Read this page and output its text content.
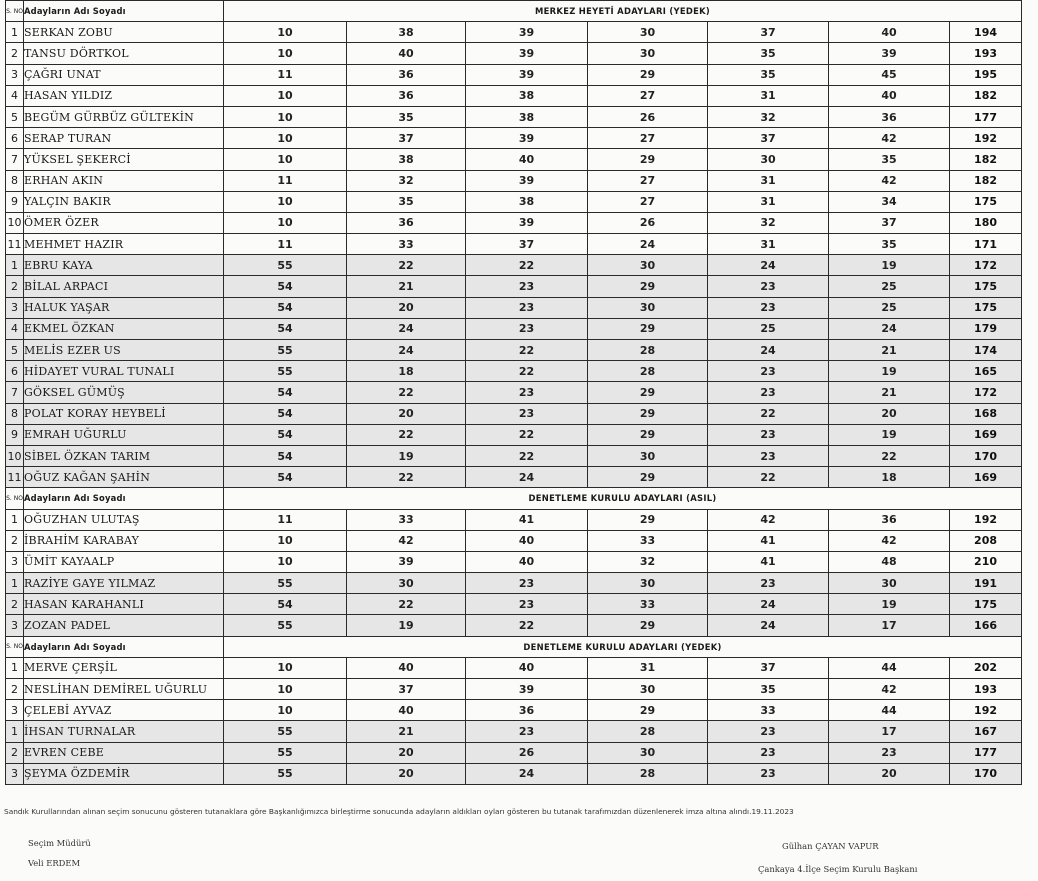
S. NO	Adayların Adı Soyadı	MERKEZ HEYETİ ADAYLARI (YEDEK)						
1	SERKAN ZOBU	10	38	39	30	37	40	194
2	TANSU DÖRTKOL	10	40	39	30	35	39	193
3	ÇAĞRI UNAT	11	36	39	29	35	45	195
4	HASAN YILDIZ	10	36	38	27	31	40	182
5	BEGÜM GÜRBÜZ GÜLTEKİN	10	35	38	26	32	36	177
6	SERAP TURAN	10	37	39	27	37	42	192
7	YÜKSEL ŞEKERCİ	10	38	40	29	30	35	182
8	ERHAN AKIN	11	32	39	27	31	42	182
9	YALÇIN BAKIR	10	35	38	27	31	34	175
10	ÖMER ÖZER	10	36	39	26	32	37	180
11	MEHMET HAZIR	11	33	37	24	31	35	171
1	EBRU KAYA	55	22	22	30	24	19	172
2	BİLAL ARPACI	54	21	23	29	23	25	175
3	HALUK YAŞAR	54	20	23	30	23	25	175
4	EKMEL ÖZKAN	54	24	23	29	25	24	179
5	MELİS EZER US	55	24	22	28	24	21	174
6	HİDAYET VURAL TUNALI	55	18	22	28	23	19	165
7	GÖKSEL GÜMÜŞ	54	22	23	29	23	21	172
8	POLAT KORAY HEYBELİ	54	20	23	29	22	20	168
9	EMRAH UĞURLU	54	22	22	29	23	19	169
10	SİBEL ÖZKAN TARIM	54	19	22	30	23	22	170
11	OĞUZ KAĞAN ŞAHİN	54	22	24	29	22	18	169
S. NO	Adayların Adı Soyadı	DENETLEME KURULU ADAYLARI (ASIL)						
1	OĞUZHAN ULUTAŞ	11	33	41	29	42	36	192
2	İBRAHİM KARABAY	10	42	40	33	41	42	208
3	ÜMİT KAYAALP	10	39	40	32	41	48	210
1	RAZİYE GAYE YILMAZ	55	30	23	30	23	30	191
2	HASAN KARAHANLI	54	22	23	33	24	19	175
3	ZOZAN PADEL	55	19	22	29	24	17	166
S. NO	Adayların Adı Soyadı	DENETLEME KURULU ADAYLARI (YEDEK)						
1	MERVE ÇERŞİL	10	40	40	31	37	44	202
2	NESLİHAN DEMİREL UĞURLU	10	37	39	30	35	42	193
3	ÇELEBİ AYVAZ	10	40	36	29	33	44	192
1	İHSAN TURNALAR	55	21	23	28	23	17	167
2	EVREN CEBE	55	20	26	30	23	23	177
3	ŞEYMA ÖZDEMİR	55	20	24	28	23	20	170
Sandık Kurullarından alınan seçim sonucunu gösteren tutanaklara göre Başkanlığımızca birleştirme sonucunda adayların aldıkları oyları gösteren bu tutanak tarafımızdan düzenlenerek imza altına alındı.19.11.2023
Seçim Müdürü
Veli ERDEM
Gülhan ÇAYAN VAPUR
Çankaya 4.İlçe Seçim Kurulu Başkanı
